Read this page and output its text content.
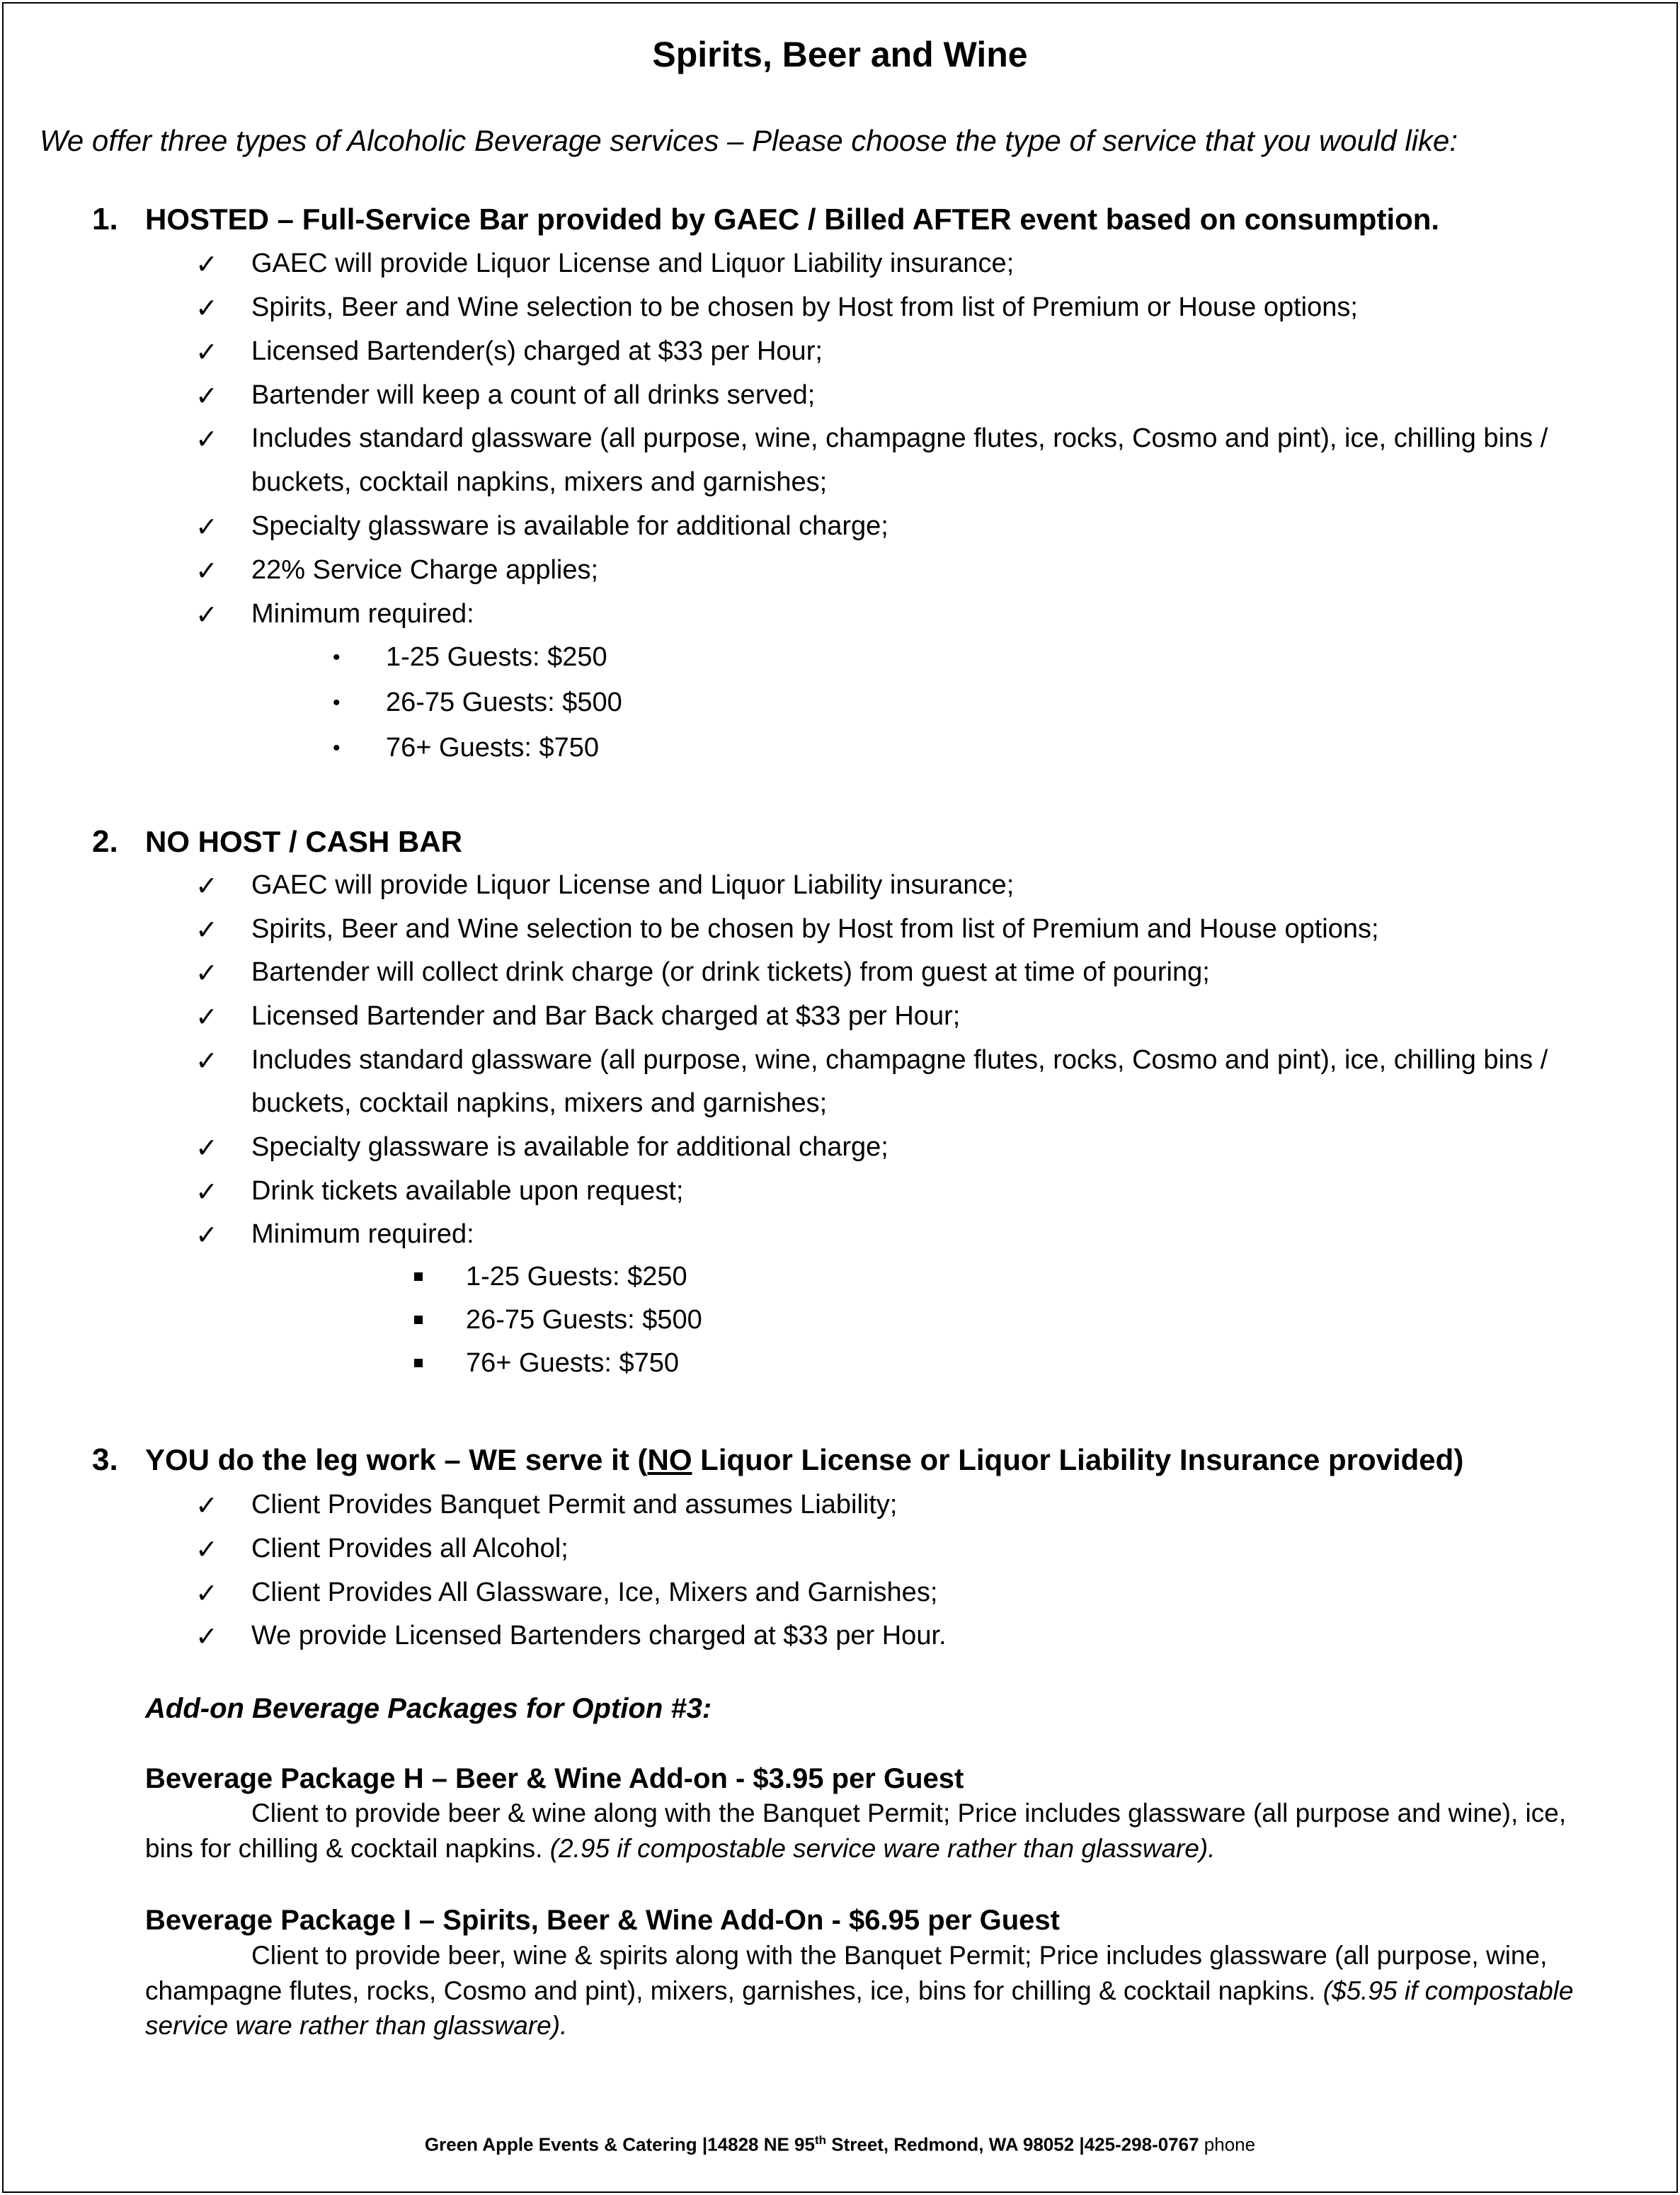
Spirits, Beer and Wine
We offer three types of Alcoholic Beverage services – Please choose the type of service that you would like:
1. HOSTED – Full-Service Bar provided by GAEC / Billed AFTER event based on consumption.
✓ GAEC will provide Liquor License and Liquor Liability insurance;
✓ Spirits, Beer and Wine selection to be chosen by Host from list of Premium or House options;
✓ Licensed Bartender(s) charged at $33 per Hour;
✓ Bartender will keep a count of all drinks served;
✓ Includes standard glassware (all purpose, wine, champagne flutes, rocks, Cosmo and pint), ice, chilling bins /
buckets, cocktail napkins, mixers and garnishes;
✓ Specialty glassware is available for additional charge;
✓ 22% Service Charge applies;
✓ Minimum required:
• 1-25 Guests: $250
• 26-75 Guests: $500
• 76+ Guests: $750
2. NO HOST / CASH BAR
✓ GAEC will provide Liquor License and Liquor Liability insurance;
✓ Spirits, Beer and Wine selection to be chosen by Host from list of Premium and House options;
✓ Bartender will collect drink charge (or drink tickets) from guest at time of pouring;
✓ Licensed Bartender and Bar Back charged at $33 per Hour;
✓ Includes standard glassware (all purpose, wine, champagne flutes, rocks, Cosmo and pint), ice, chilling bins /
buckets, cocktail napkins, mixers and garnishes;
✓ Specialty glassware is available for additional charge;
✓ Drink tickets available upon request;
✓ Minimum required:
1-25 Guests: $250
26-75 Guests: $500
76+ Guests: $750
3. YOU do the leg work – WE serve it (NO Liquor License or Liquor Liability Insurance provided)
✓ Client Provides Banquet Permit and assumes Liability;
✓ Client Provides all Alcohol;
✓ Client Provides All Glassware, Ice, Mixers and Garnishes;
✓ We provide Licensed Bartenders charged at $33 per Hour.
Add-on Beverage Packages for Option #3:
Beverage Package H – Beer & Wine Add-on - $3.95 per Guest
Client to provide beer & wine along with the Banquet Permit; Price includes glassware (all purpose and wine), ice,
bins for chilling & cocktail napkins. (2.95 if compostable service ware rather than glassware).
Beverage Package I – Spirits, Beer & Wine Add-On - $6.95 per Guest
Client to provide beer, wine & spirits along with the Banquet Permit; Price includes glassware (all purpose, wine,
champagne flutes, rocks, Cosmo and pint), mixers, garnishes, ice, bins for chilling & cocktail napkins. ($5.95 if compostable
service ware rather than glassware).
Green Apple Events & Catering |14828 NE 95th Street, Redmond, WA 98052 |425-298-0767 phone
